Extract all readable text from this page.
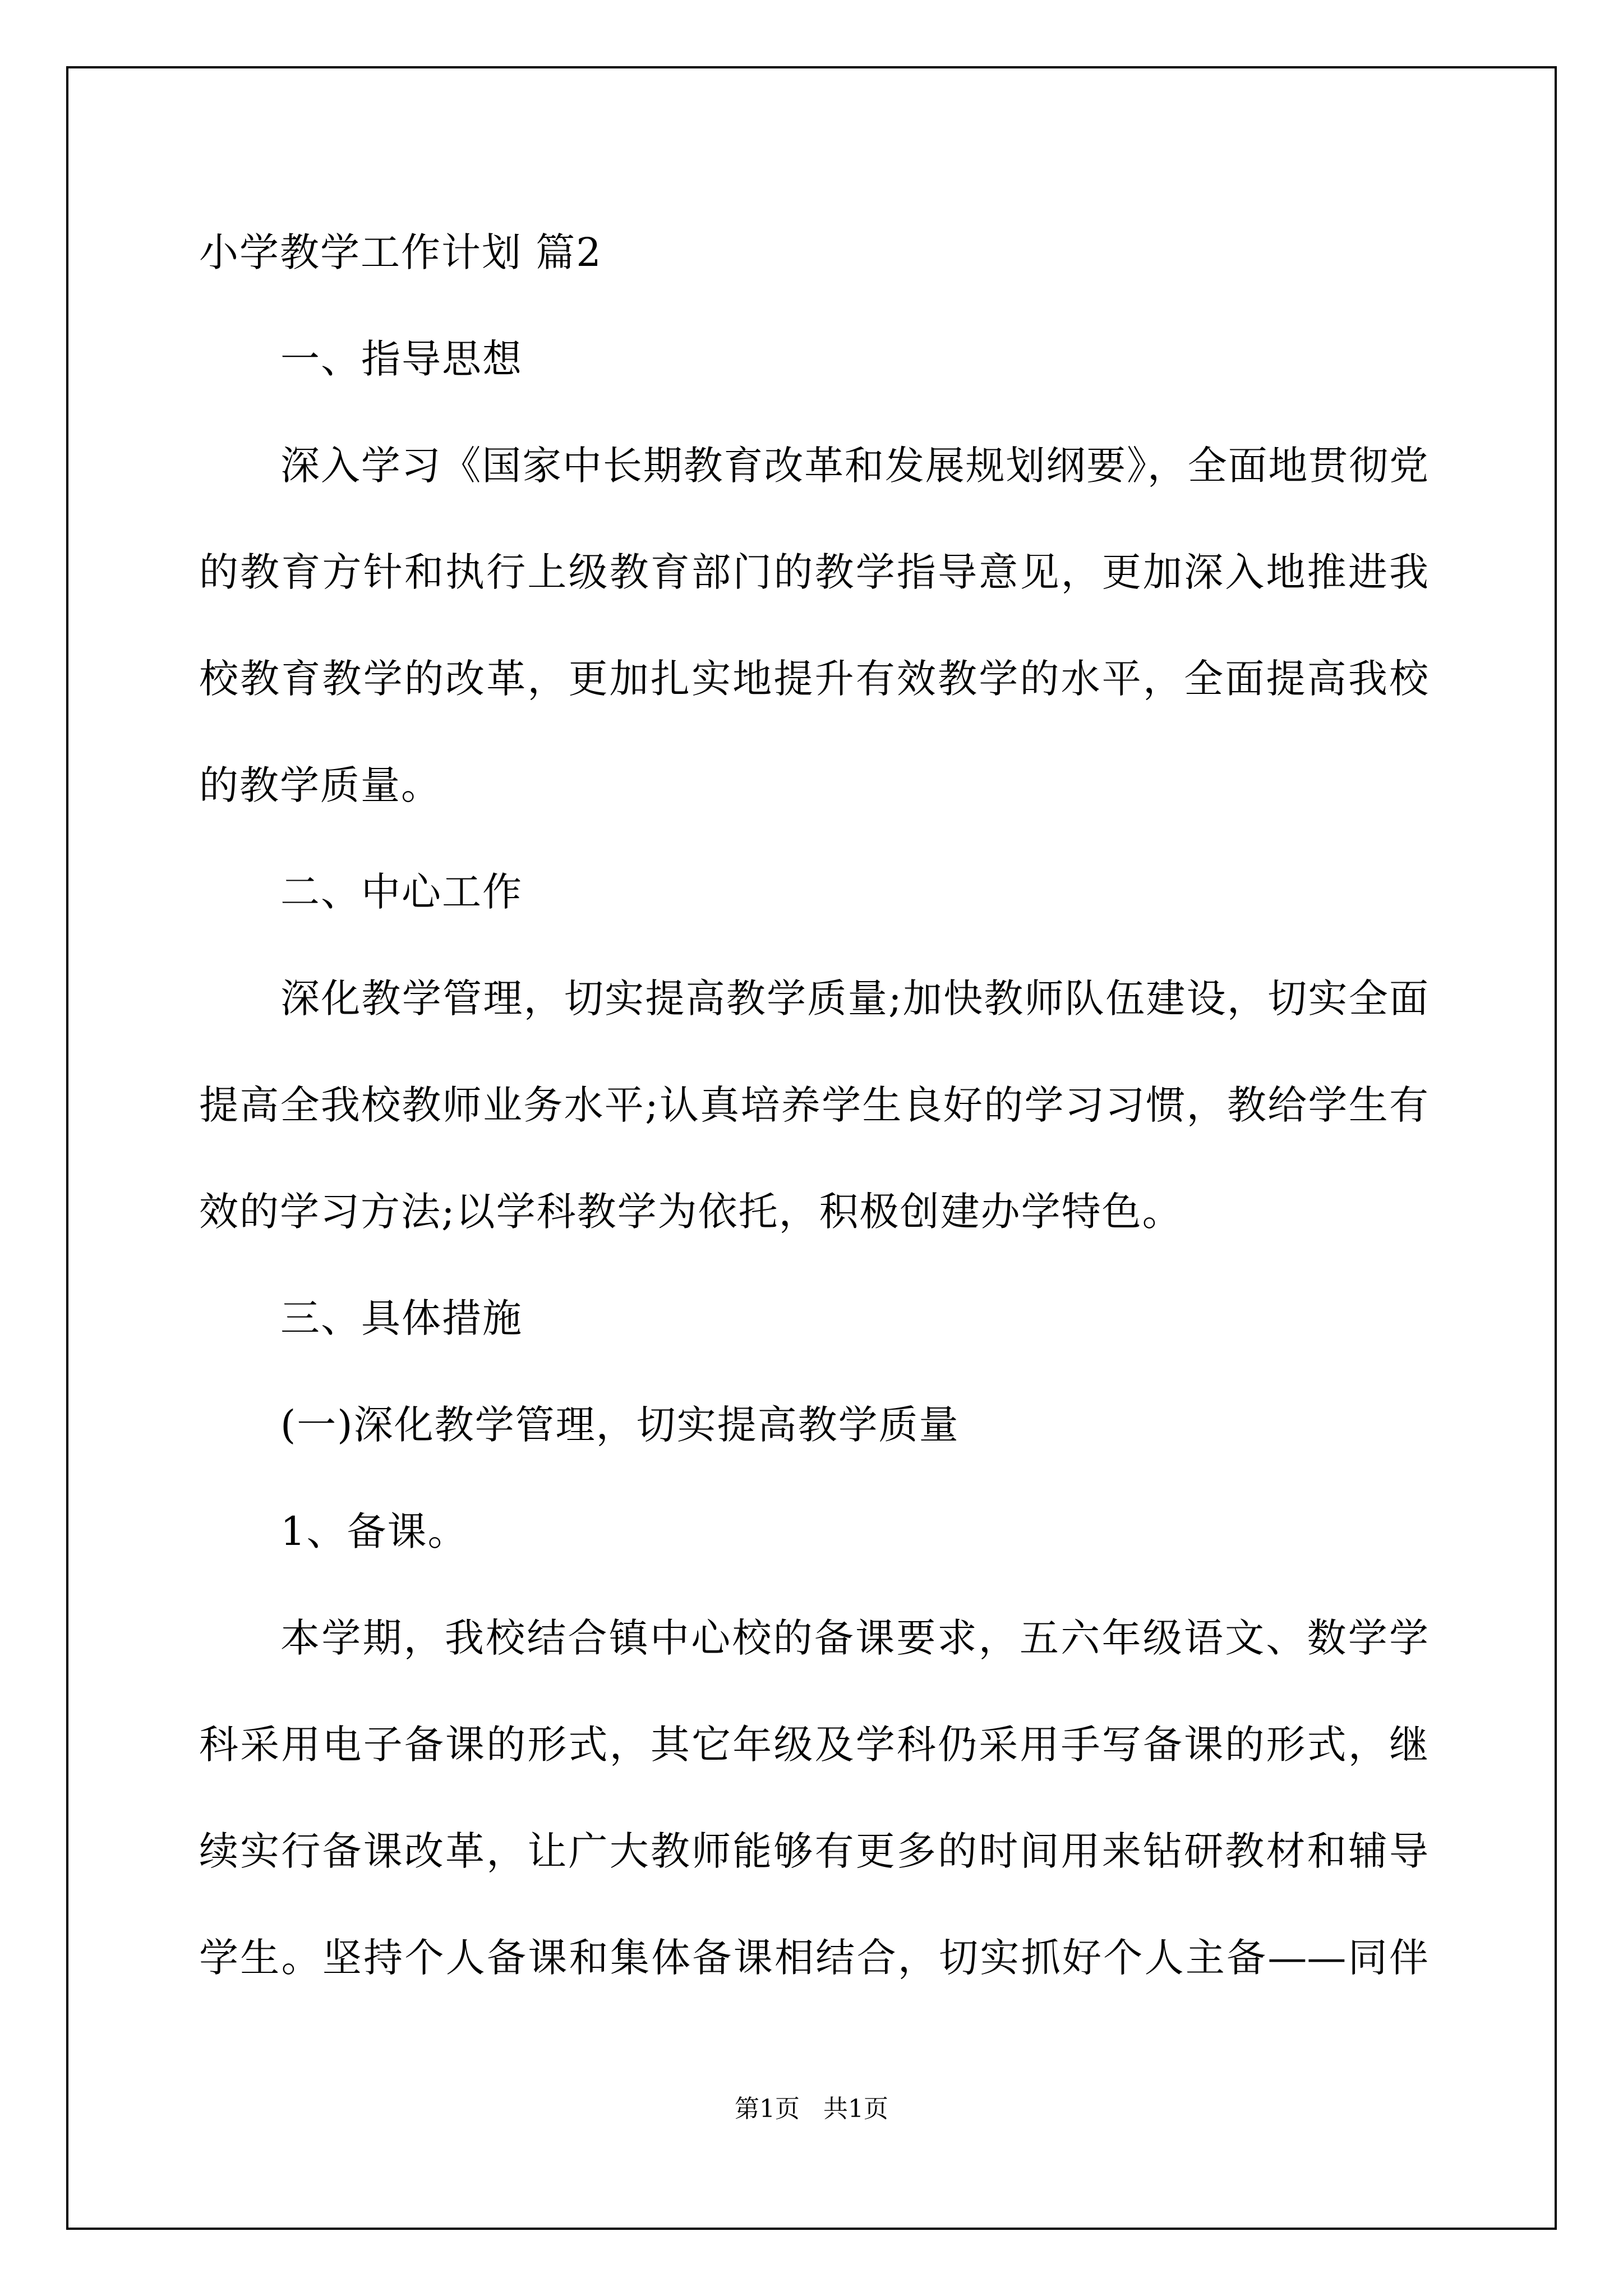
小学教学工作计划 篇2
一、指导思想
深入学习《国家中长期教育改革和发展规划纲要》，全面地贯彻党
的教育方针和执行上级教育部门的教学指导意见，更加深入地推进我
校教育教学的改革，更加扎实地提升有效教学的水平，全面提高我校
的教学质量。
二、中心工作
深化教学管理，切实提高教学质量;加快教师队伍建设，切实全面
提高全我校教师业务水平;认真培养学生良好的学习习惯，教给学生有
效的学习方法;以学科教学为依托，积极创建办学特色。
三、具体措施
(一)深化教学管理，切实提高教学质量
1、备课。
本学期，我校结合镇中心校的备课要求，五六年级语文、数学学
科采用电子备课的形式，其它年级及学科仍采用手写备课的形式，继
续实行备课改革，让广大教师能够有更多的时间用来钻研教材和辅导
学生。坚持个人备课和集体备课相结合，切实抓好个人主备——同伴
第1页   共1页
